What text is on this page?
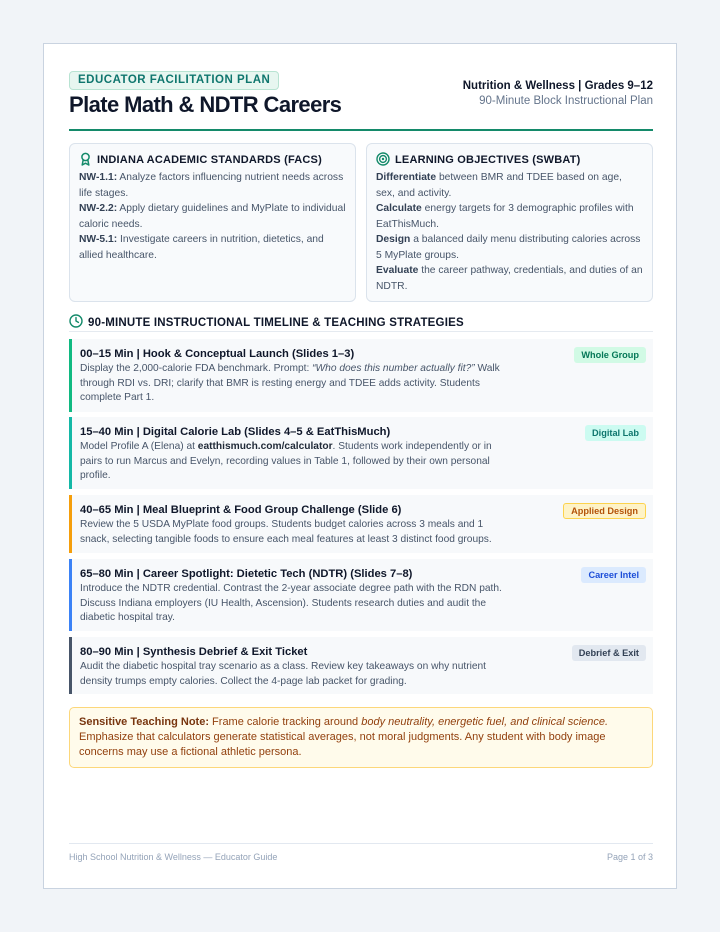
EDUCATOR FACILITATION PLAN
Plate Math & NDTR Careers
Nutrition & Wellness | Grades 9–12
90-Minute Block Instructional Plan
INDIANA ACADEMIC STANDARDS (FACS)

NW-1.1: Analyze factors influencing nutrient needs across life stages.

NW-2.2: Apply dietary guidelines and MyPlate to individual caloric needs.

NW-5.1: Investigate careers in nutrition, dietetics, and allied healthcare.

LEARNING OBJECTIVES (SWBAT)

Differentiate between BMR and TDEE based on age, sex, and activity.

Calculate energy targets for 3 demographic profiles with EatThisMuch.

Design a balanced daily menu distributing calories across 5 MyPlate groups.

Evaluate the career pathway, credentials, and duties of an NDTR.

90-MINUTE INSTRUCTIONAL TIMELINE & TEACHING STRATEGIES
00–15 Min | Hook & Conceptual Launch (Slides 1–3)
Display the 2,000-calorie FDA benchmark. Prompt: “Who does this number actually fit?” Walk through RDI vs. DRI; clarify that BMR is resting energy and TDEE adds activity. Students complete Part 1.
Whole Group
15–40 Min | Digital Calorie Lab (Slides 4–5 & EatThisMuch)
Model Profile A (Elena) at eatthismuch.com/calculator. Students work independently or in pairs to run Marcus and Evelyn, recording values in Table 1, followed by their own personal profile.
Digital Lab
40–65 Min | Meal Blueprint & Food Group Challenge (Slide 6)
Review the 5 USDA MyPlate food groups. Students budget calories across 3 meals and 1 snack, selecting tangible foods to ensure each meal features at least 3 distinct food groups.
Applied Design
65–80 Min | Career Spotlight: Dietetic Tech (NDTR) (Slides 7–8)
Introduce the NDTR credential. Contrast the 2-year associate degree path with the RDN path. Discuss Indiana employers (IU Health, Ascension). Students research duties and audit the diabetic hospital tray.
Career Intel
80–90 Min | Synthesis Debrief & Exit Ticket
Audit the diabetic hospital tray scenario as a class. Review key takeaways on why nutrient density trumps empty calories. Collect the 4-page lab packet for grading.
Debrief & Exit
Sensitive Teaching Note: Frame calorie tracking around body neutrality, energetic fuel, and clinical science. Emphasize that calculators generate statistical averages, not moral judgments. Any student with body image concerns may use a fictional athletic persona.
High School Nutrition & Wellness — Educator Guide	Page 1 of 3
